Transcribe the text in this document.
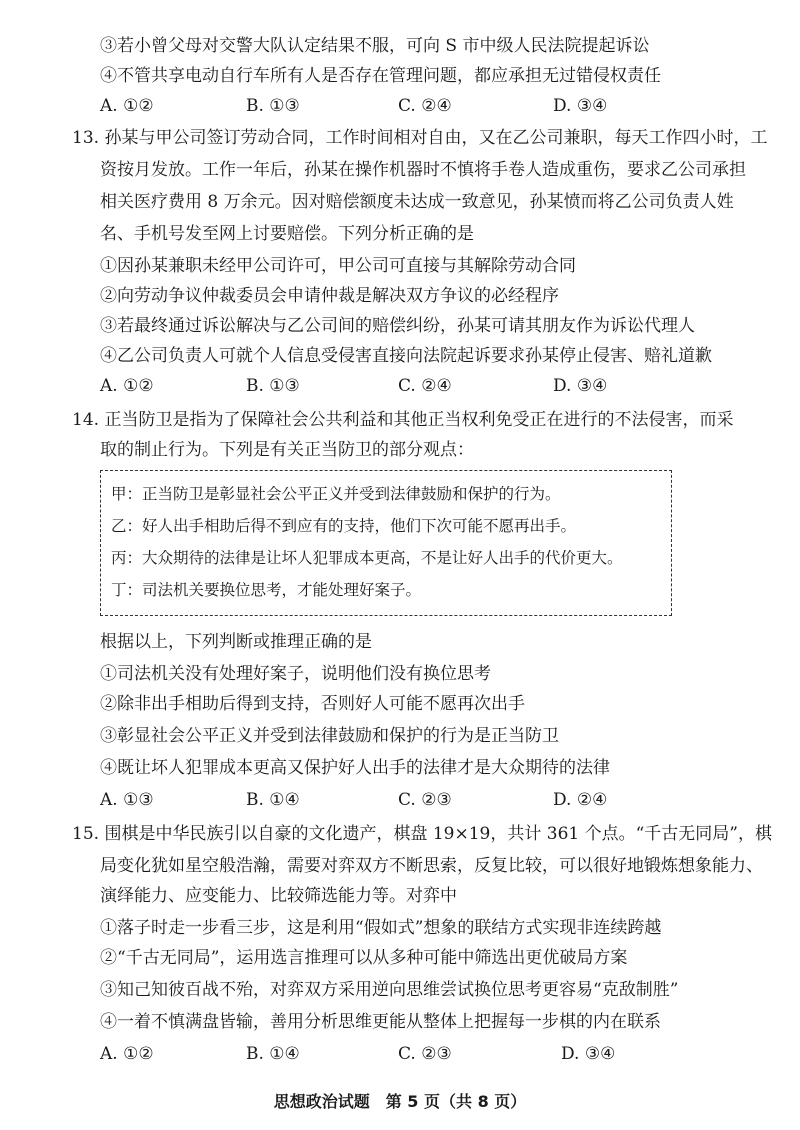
③若小曾父母对交警大队认定结果不服，可向 S 市中级人民法院提起诉讼
④不管共享电动自行车所有人是否存在管理问题，都应承担无过错侵权责任
A. ①②	B. ①③	C. ②④	D. ③④
13. 孙某与甲公司签订劳动合同，工作时间相对自由，又在乙公司兼职，每天工作四小时，工
资按月发放。工作一年后，孙某在操作机器时不慎将手卷人造成重伤，要求乙公司承担
相关医疗费用 8 万余元。因对赔偿额度未达成一致意见，孙某愤而将乙公司负责人姓
名、手机号发至网上讨要赔偿。下列分析正确的是
①因孙某兼职未经甲公司许可，甲公司可直接与其解除劳动合同
②向劳动争议仲裁委员会申请仲裁是解决双方争议的必经程序
③若最终通过诉讼解决与乙公司间的赔偿纠纷，孙某可请其朋友作为诉讼代理人
④乙公司负责人可就个人信息受侵害直接向法院起诉要求孙某停止侵害、赔礼道歉
A. ①②	B. ①③	C. ②④	D. ③④
14. 正当防卫是指为了保障社会公共利益和其他正当权利免受正在进行的不法侵害，而采
取的制止行为。下列是有关正当防卫的部分观点：
甲：正当防卫是彰显社会公平正义并受到法律鼓励和保护的行为。
乙：好人出手相助后得不到应有的支持，他们下次可能不愿再出手。
丙：大众期待的法律是让坏人犯罪成本更高，不是让好人出手的代价更大。
丁：司法机关要换位思考，才能处理好案子。
根据以上，下列判断或推理正确的是
①司法机关没有处理好案子，说明他们没有换位思考
②除非出手相助后得到支持，否则好人可能不愿再次出手
③彰显社会公平正义并受到法律鼓励和保护的行为是正当防卫
④既让坏人犯罪成本更高又保护好人出手的法律才是大众期待的法律
A. ①③	B. ①④	C. ②③	D. ②④
15. 围棋是中华民族引以自豪的文化遗产，棋盘 19×19，共计 361 个点。“千古无同局”，棋
局变化犹如星空般浩瀚，需要对弈双方不断思索，反复比较，可以很好地锻炼想象能力、
演绎能力、应变能力、比较筛选能力等。对弈中
①落子时走一步看三步，这是利用“假如式”想象的联结方式实现非连续跨越
②“千古无同局”，运用选言推理可以从多种可能中筛选出更优破局方案
③知己知彼百战不殆，对弈双方采用逆向思维尝试换位思考更容易“克敌制胜”
④一着不慎满盘皆输，善用分析思维更能从整体上把握每一步棋的内在联系
A. ①②	B. ①④	C. ②③	D. ③④
思想政治试题　第 5 页（共 8 页）
